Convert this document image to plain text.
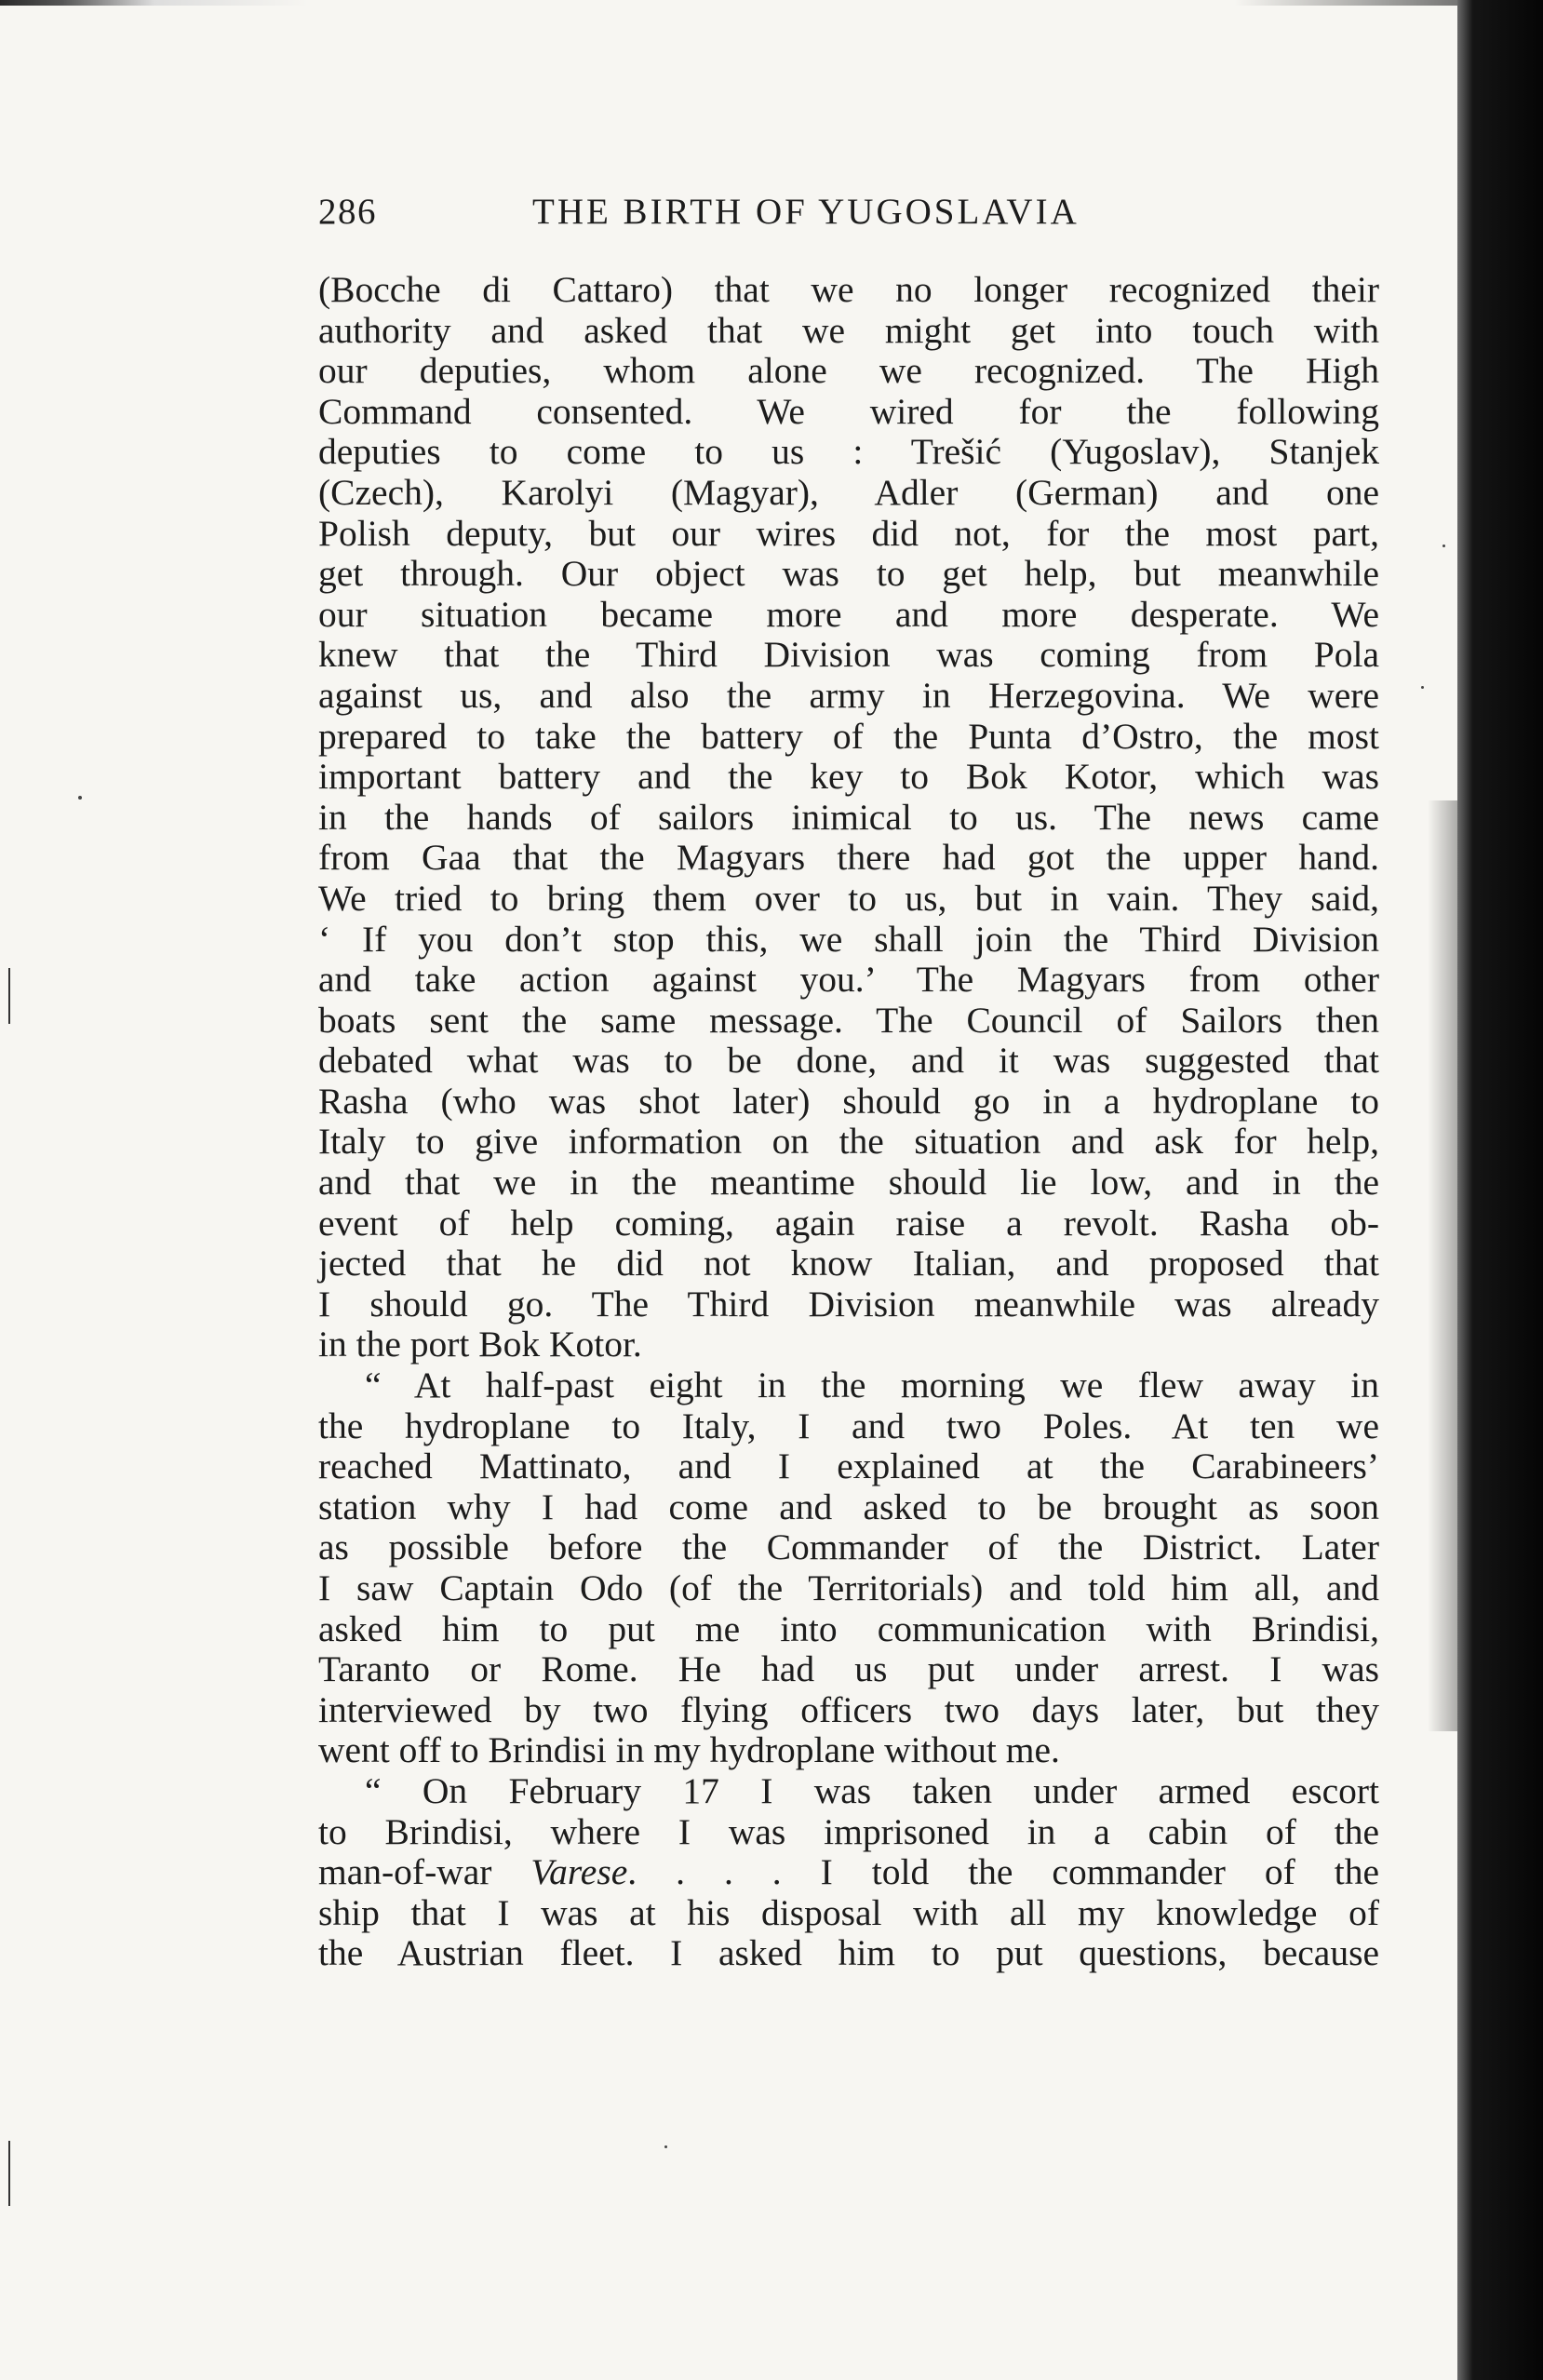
286	THE BIRTH OF YUGOSLAVIA
(Bocche di Cattaro) that we no longer recognized their
authority and asked that we might get into touch with
our deputies, whom alone we recognized. The High
Command consented. We wired for the following
deputies to come to us : Trešić (Yugoslav), Stanjek
(Czech), Karolyi (Magyar), Adler (German) and one
Polish deputy, but our wires did not, for the most part,
get through. Our object was to get help, but meanwhile
our situation became more and more desperate. We
knew that the Third Division was coming from Pola
against us, and also the army in Herzegovina. We were
prepared to take the battery of the Punta d’Ostro, the most
important battery and the key to Bok Kotor, which was
in the hands of sailors inimical to us. The news came
from Gaa that the Magyars there had got the upper hand.
We tried to bring them over to us, but in vain. They said,
‘ If you don’t stop this, we shall join the Third Division
and take action against you.’ The Magyars from other
boats sent the same message. The Council of Sailors then
debated what was to be done, and it was suggested that
Rasha (who was shot later) should go in a hydroplane to
Italy to give information on the situation and ask for help,
and that we in the meantime should lie low, and in the
event of help coming, again raise a revolt. Rasha ob-
jected that he did not know Italian, and proposed that
I should go. The Third Division meanwhile was already
in the port Bok Kotor.
“ At half-past eight in the morning we flew away in
the hydroplane to Italy, I and two Poles. At ten we
reached Mattinato, and I explained at the Carabineers’
station why I had come and asked to be brought as soon
as possible before the Commander of the District. Later
I saw Captain Odo (of the Territorials) and told him all, and
asked him to put me into communication with Brindisi,
Taranto or Rome. He had us put under arrest. I was
interviewed by two flying officers two days later, but they
went off to Brindisi in my hydroplane without me.
“ On February 17 I was taken under armed escort
to Brindisi, where I was imprisoned in a cabin of the
man-of-war Varese. . . . I told the commander of the
ship that I was at his disposal with all my knowledge of
the Austrian fleet. I asked him to put questions, because
